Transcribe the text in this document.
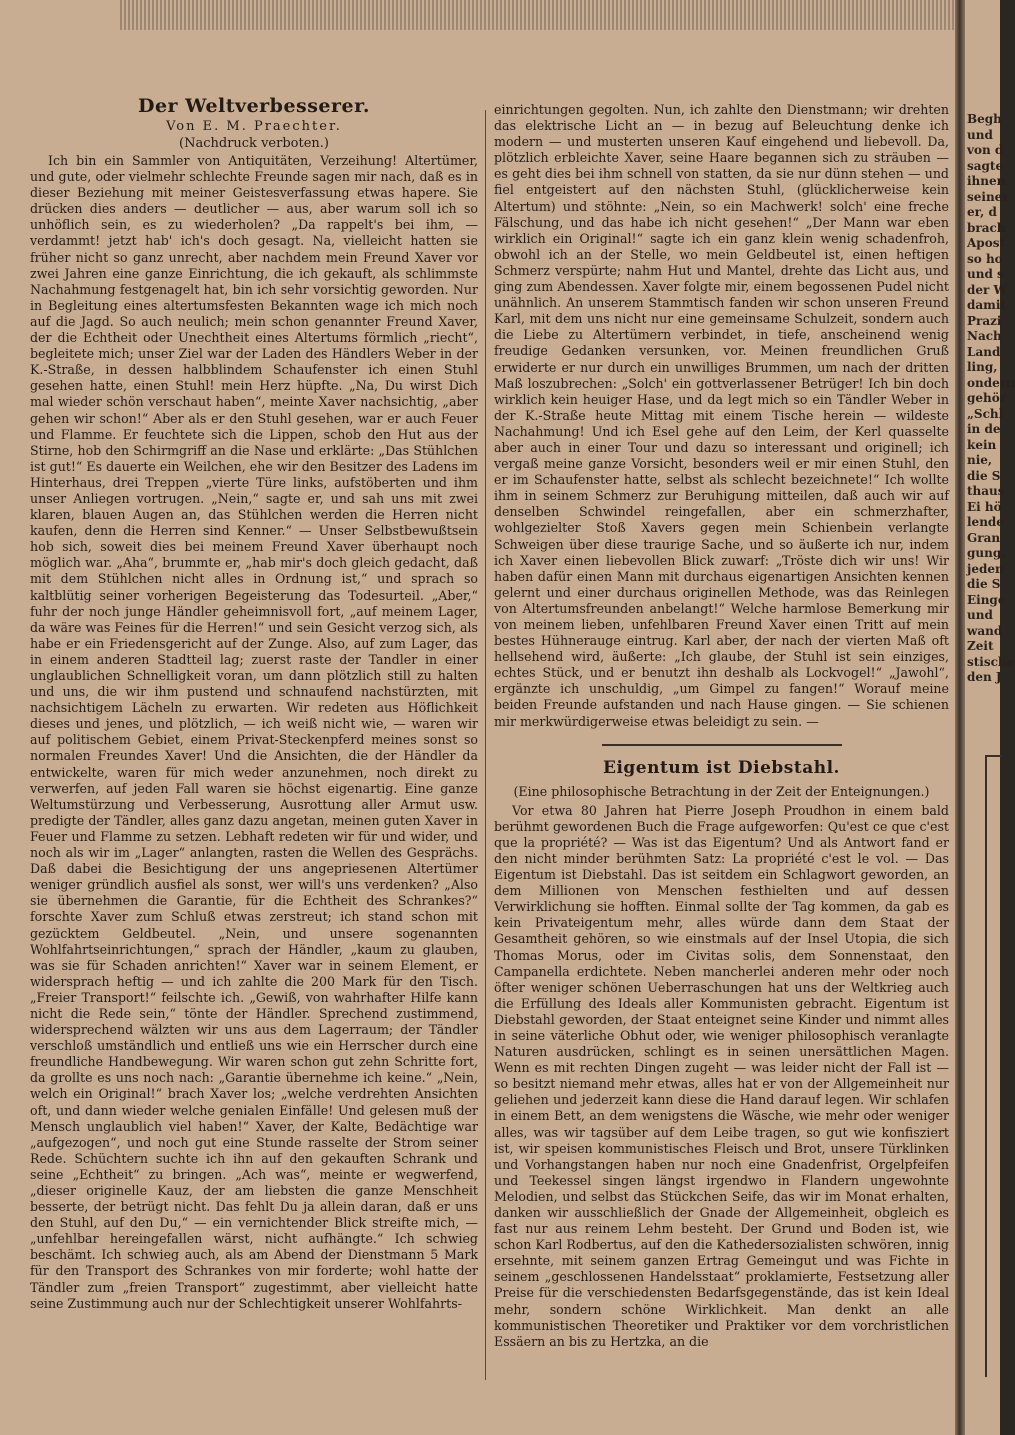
Der Weltverbesserer.

Von E. M. Praechter.

(Nachdruck verboten.)

Ich bin ein Sammler von Antiquitäten, Verzeihung! Altertümer, und gute, oder vielmehr schlechte Freunde sagen mir nach, daß es in dieser Beziehung mit meiner Geistesverfassung etwas hapere. Sie drücken dies anders — deutlicher — aus, aber warum soll ich so unhöflich sein, es zu wiederholen? „Da rappelt's bei ihm, — verdammt! jetzt hab' ich's doch gesagt. Na, vielleicht hatten sie früher nicht so ganz unrecht, aber nachdem mein Freund Xaver vor zwei Jahren eine ganze Einrichtung, die ich gekauft, als schlimmste Nachahmung festgenagelt hat, bin ich sehr vorsichtig geworden. Nur in Begleitung eines altertumsfesten Bekannten wage ich mich noch auf die Jagd. So auch neulich; mein schon genannter Freund Xaver, der die Echtheit oder Unechtheit eines Altertums förmlich „riecht“, begleitete mich; unser Ziel war der Laden des Händlers Weber in der K.-Straße, in dessen halbblindem Schaufenster ich einen Stuhl gesehen hatte, einen Stuhl! mein Herz hüpfte. „Na, Du wirst Dich mal wieder schön verschaut haben“, meinte Xaver nachsichtig, „aber gehen wir schon!“ Aber als er den Stuhl gesehen, war er auch Feuer und Flamme. Er feuchtete sich die Lippen, schob den Hut aus der Stirne, hob den Schirmgriff an die Nase und erklärte: „Das Stühlchen ist gut!“ Es dauerte ein Weilchen, ehe wir den Besitzer des Ladens im Hinterhaus, drei Treppen „vierte Türe links, aufstöberten und ihm unser Anliegen vortrugen. „Nein,“ sagte er, und sah uns mit zwei klaren, blauen Augen an, das Stühlchen werden die Herren nicht kaufen, denn die Herren sind Kenner.“ — Unser Selbstbewußtsein hob sich, soweit dies bei meinem Freund Xaver überhaupt noch möglich war. „Aha“, brummte er, „hab mir's doch gleich gedacht, daß mit dem Stühlchen nicht alles in Ordnung ist,“ und sprach so kaltblütig seiner vorherigen Begeisterung das Todesurteil. „Aber,“ fuhr der noch junge Händler geheimnisvoll fort, „auf meinem Lager, da wäre was Feines für die Herren!“ und sein Gesicht verzog sich, als habe er ein Friedensgericht auf der Zunge. Also, auf zum Lager, das in einem anderen Stadtteil lag; zuerst raste der Tandler in einer unglaublichen Schnelligkeit voran, um dann plötzlich still zu halten und uns, die wir ihm pustend und schnaufend nachstürzten, mit nachsichtigem Lächeln zu erwarten. Wir redeten aus Höflichkeit dieses und jenes, und plötzlich, — ich weiß nicht wie, — waren wir auf politischem Gebiet, einem Privat-Steckenpferd meines sonst so normalen Freundes Xaver! Und die Ansichten, die der Händler da entwickelte, waren für mich weder anzunehmen, noch direkt zu verwerfen, auf jeden Fall waren sie höchst eigenartig. Eine ganze Weltumstürzung und Verbesserung, Ausrottung aller Armut usw. predigte der Tändler, alles ganz dazu angetan, meinen guten Xaver in Feuer und Flamme zu setzen. Lebhaft redeten wir für und wider, und noch als wir im „Lager“ anlangten, rasten die Wellen des Gesprächs. Daß dabei die Besichtigung der uns angepriesenen Altertümer weniger gründlich ausfiel als sonst, wer will's uns verdenken? „Also sie übernehmen die Garantie, für die Echtheit des Schrankes?“ forschte Xaver zum Schluß etwas zerstreut; ich stand schon mit gezücktem Geldbeutel. „Nein, und unsere sogenannten Wohlfahrtseinrichtungen,“ sprach der Händler, „kaum zu glauben, was sie für Schaden anrichten!“ Xaver war in seinem Element, er widersprach heftig — und ich zahlte die 200 Mark für den Tisch. „Freier Transport!“ feilschte ich. „Gewiß, von wahrhafter Hilfe kann nicht die Rede sein,“ tönte der Händler. Sprechend zustimmend, widersprechend wälzten wir uns aus dem Lagerraum; der Tändler verschloß umständlich und entließ uns wie ein Herrscher durch eine freundliche Handbewegung. Wir waren schon gut zehn Schritte fort, da grollte es uns noch nach: „Garantie übernehme ich keine.“ „Nein, welch ein Original!“ brach Xaver los; „welche verdrehten Ansichten oft, und dann wieder welche genialen Einfälle! Und gelesen muß der Mensch unglaublich viel haben!“ Xaver, der Kalte, Bedächtige war „aufgezogen“, und noch gut eine Stunde rasselte der Strom seiner Rede. Schüchtern suchte ich ihn auf den gekauften Schrank und seine „Echtheit“ zu bringen. „Ach was“, meinte er wegwerfend, „dieser originelle Kauz, der am liebsten die ganze Menschheit besserte, der betrügt nicht. Das fehlt Du ja allein daran, daß er uns den Stuhl, auf den Du,“ — ein vernichtender Blick streifte mich, — „unfehlbar hereingefallen wärst, nicht aufhängte.“ Ich schwieg beschämt. Ich schwieg auch, als am Abend der Dienstmann 5 Mark für den Transport des Schrankes von mir forderte; wohl hatte der Tändler zum „freien Transport“ zugestimmt, aber vielleicht hatte seine Zustimmung auch nur der Schlechtigkeit unserer Wohlfahrts-

einrichtungen gegolten. Nun, ich zahlte den Dienstmann; wir drehten das elektrische Licht an — in bezug auf Beleuchtung denke ich modern — und musterten unseren Kauf eingehend und liebevoll. Da, plötzlich erbleichte Xaver, seine Haare begannen sich zu sträuben — es geht dies bei ihm schnell von statten, da sie nur dünn stehen — und fiel entgeistert auf den nächsten Stuhl, (glücklicherweise kein Altertum) und stöhnte: „Nein, so ein Machwerk! solch' eine freche Fälschung, und das habe ich nicht gesehen!“ „Der Mann war eben wirklich ein Original!“ sagte ich ein ganz klein wenig schadenfroh, obwohl ich an der Stelle, wo mein Geldbeutel ist, einen heftigen Schmerz verspürte; nahm Hut und Mantel, drehte das Licht aus, und ging zum Abendessen. Xaver folgte mir, einem begossenen Pudel nicht unähnlich. An unserem Stammtisch fanden wir schon unseren Freund Karl, mit dem uns nicht nur eine gemeinsame Schulzeit, sondern auch die Liebe zu Altertümern verbindet, in tiefe, anscheinend wenig freudige Gedanken versunken, vor. Meinen freundlichen Gruß erwiderte er nur durch ein unwilliges Brummen, um nach der dritten Maß loszubrechen: „Solch' ein gottverlassener Betrüger! Ich bin doch wirklich kein heuiger Hase, und da legt mich so ein Tändler Weber in der K.-Straße heute Mittag mit einem Tische herein — wildeste Nachahmung! Und ich Esel gehe auf den Leim, der Kerl quasselte aber auch in einer Tour und dazu so interessant und originell; ich vergaß meine ganze Vorsicht, besonders weil er mir einen Stuhl, den er im Schaufenster hatte, selbst als schlecht bezeichnete!“ Ich wollte ihm in seinem Schmerz zur Beruhigung mitteilen, daß auch wir auf denselben Schwindel reingefallen, aber ein schmerzhafter, wohlgezielter Stoß Xavers gegen mein Schienbein verlangte Schweigen über diese traurige Sache, und so äußerte ich nur, indem ich Xaver einen liebevollen Blick zuwarf: „Tröste dich wir uns! Wir haben dafür einen Mann mit durchaus eigenartigen Ansichten kennen gelernt und einer durchaus originellen Methode, was das Reinlegen von Altertumsfreunden anbelangt!“ Welche harmlose Bemerkung mir von meinem lieben, unfehlbaren Freund Xaver einen Tritt auf mein bestes Hühnerauge eintrug. Karl aber, der nach der vierten Maß oft hellsehend wird, äußerte: „Ich glaube, der Stuhl ist sein einziges, echtes Stück, und er benutzt ihn deshalb als Lockvogel!“ „Jawohl“, ergänzte ich unschuldig, „um Gimpel zu fangen!“ Worauf meine beiden Freunde aufstanden und nach Hause gingen. — Sie schienen mir merkwürdigerweise etwas beleidigt zu sein. —

Eigentum ist Diebstahl.

(Eine philosophische Betrachtung in der Zeit der Enteignungen.)

Vor etwa 80 Jahren hat Pierre Joseph Proudhon in einem bald berühmt gewordenen Buch die Frage aufgeworfen: Qu'est ce que c'est que la propriété? — Was ist das Eigentum? Und als Antwort fand er den nicht minder berühmten Satz: La propriété c'est le vol. — Das Eigentum ist Diebstahl. Das ist seitdem ein Schlagwort geworden, an dem Millionen von Menschen festhielten und auf dessen Verwirklichung sie hofften. Einmal sollte der Tag kommen, da gab es kein Privateigentum mehr, alles würde dann dem Staat der Gesamtheit gehören, so wie einstmals auf der Insel Utopia, die sich Thomas Morus, oder im Civitas solis, dem Sonnenstaat, den Campanella erdichtete. Neben mancherlei anderen mehr oder noch öfter weniger schönen Ueberraschungen hat uns der Weltkrieg auch die Erfüllung des Ideals aller Kommunisten gebracht. Eigentum ist Diebstahl geworden, der Staat enteignet seine Kinder und nimmt alles in seine väterliche Obhut oder, wie weniger philosophisch veranlagte Naturen ausdrücken, schlingt es in seinen unersättlichen Magen. Wenn es mit rechten Dingen zugeht — was leider nicht der Fall ist — so besitzt niemand mehr etwas, alles hat er von der Allgemeinheit nur geliehen und jederzeit kann diese die Hand darauf legen. Wir schlafen in einem Bett, an dem wenigstens die Wäsche, wie mehr oder weniger alles, was wir tagsüber auf dem Leibe tragen, so gut wie konfisziert ist, wir speisen kommunistisches Fleisch und Brot, unsere Türklinken und Vorhangstangen haben nur noch eine Gnadenfrist, Orgelpfeifen und Teekessel singen längst irgendwo in Flandern ungewohnte Melodien, und selbst das Stückchen Seife, das wir im Monat erhalten, danken wir ausschließlich der Gnade der Allgemeinheit, obgleich es fast nur aus reinem Lehm besteht. Der Grund und Boden ist, wie schon Karl Rodbertus, auf den die Kathedersozialisten schwören, innig ersehnte, mit seinem ganzen Ertrag Gemeingut und was Fichte in seinem „geschlossenen Handelsstaat“ proklamierte, Festsetzung aller Preise für die verschiedensten Bedarfsgegenstände, das ist kein Ideal mehr, sondern schöne Wirklichkeit. Man denkt an alle kommunistischen Theoretiker und Praktiker vor dem vorchristlichen Essäern an bis zu Hertzka, an die

Begh
und
von d
sagte
ihnen
seiner
er, d
brach
Apost
so ho
und s
der W
damit
Prazi
Nach
Land
ling,
ondern
gehör
„Schl
in de
kein
nie,
die S
thaus
Ei hö
lende
Gran
gung,
jeden
die S
Einge
und
wand
Zeit
stische
den J
